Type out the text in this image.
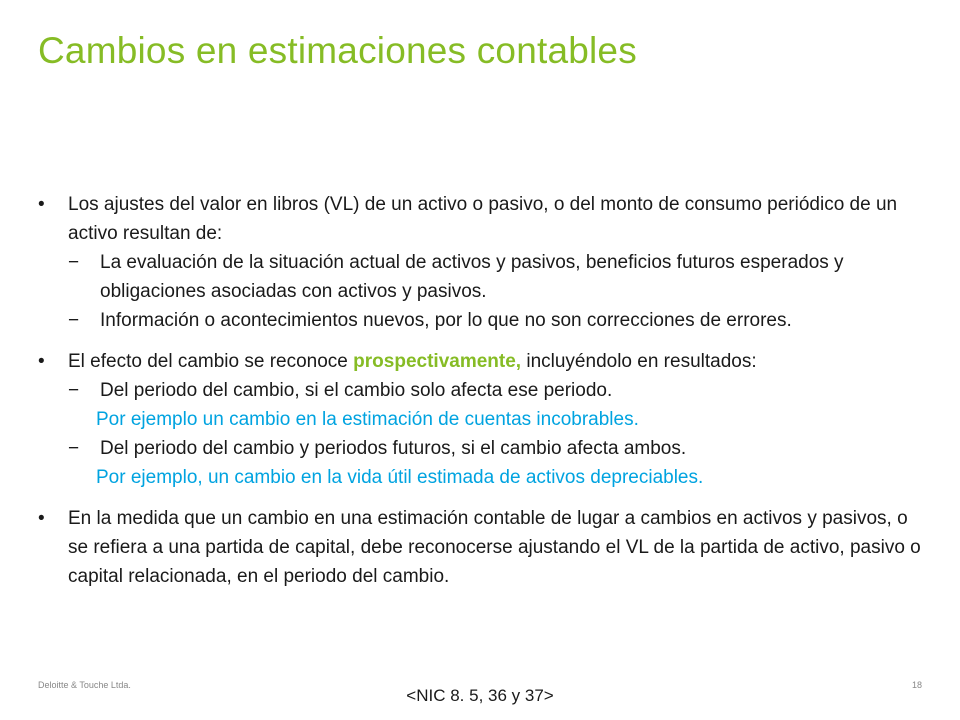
Cambios en estimaciones contables
•	Los ajustes del valor en libros (VL) de un activo o pasivo, o del monto de consumo periódico de un activo resultan de:
−	La evaluación de la situación actual de activos y pasivos, beneficios futuros esperados y obligaciones asociadas con activos y pasivos.
−	Información o acontecimientos nuevos, por lo que no son correcciones de errores.
•	El efecto del cambio se reconoce prospectivamente, incluyéndolo en resultados:
−	Del periodo del cambio, si el cambio solo afecta ese periodo.
Por ejemplo un cambio en la estimación de cuentas incobrables.
−	Del periodo del cambio y periodos futuros, si el cambio afecta ambos.
Por ejemplo, un cambio en la vida útil estimada de activos depreciables.
•	En la medida que un cambio en una estimación contable de lugar a cambios en activos y pasivos, o se refiera a una partida de capital, debe reconocerse ajustando el VL de la partida de activo, pasivo o capital relacionada, en el periodo del cambio.
Deloitte & Touche Ltda.	18
<NIC 8. 5, 36 y 37>
